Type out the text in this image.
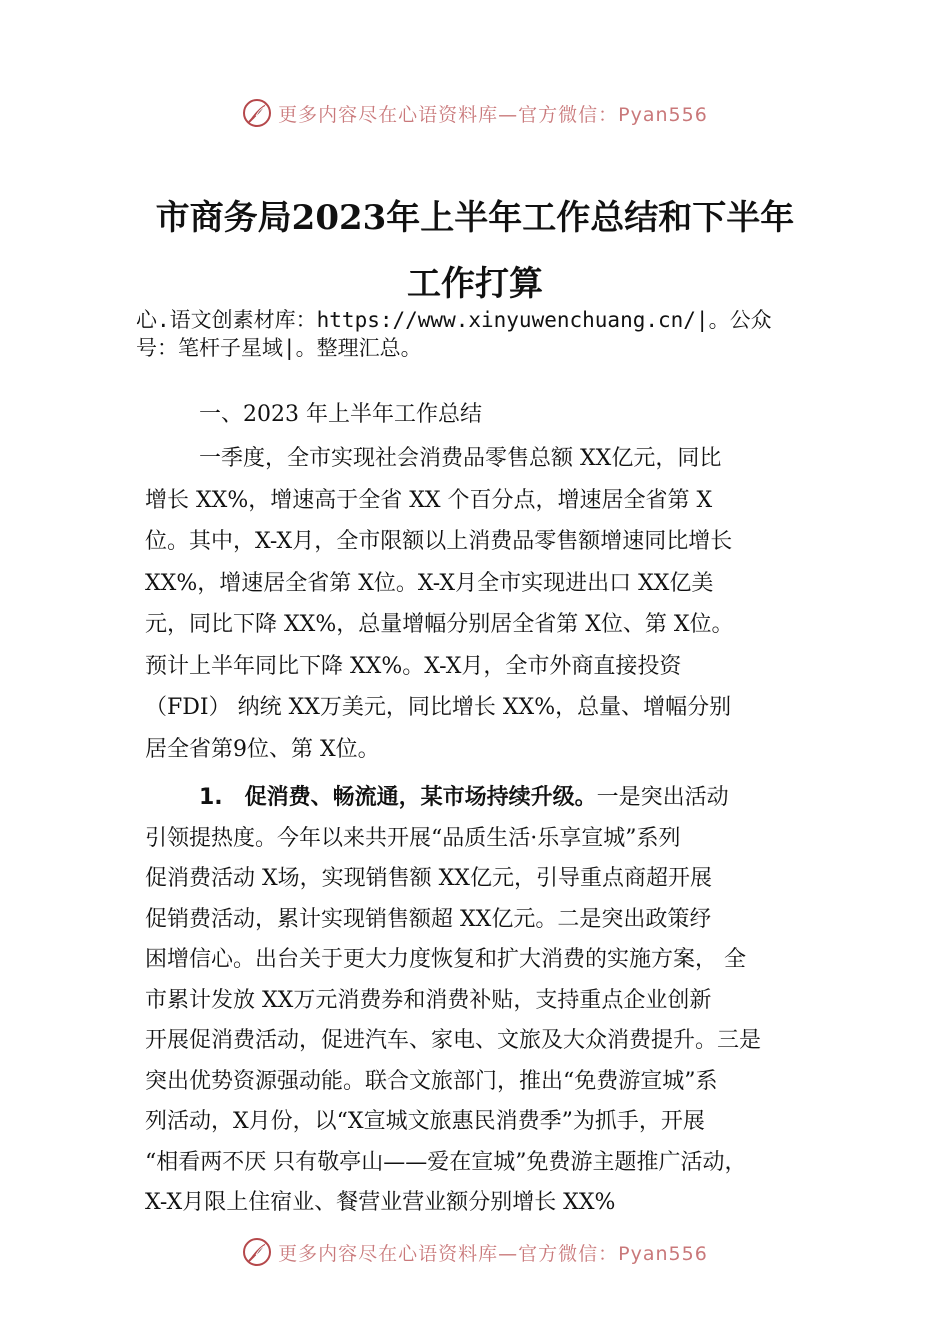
更多内容尽在心语资料库—官方微信：Pyan556
市商务局2023年上半年工作总结和下半年
工作打算
心.语文创素材库：https://www.xinyuwenchuang.cn/|。公众
号：笔杆子星域|。整理汇总。
一、2023 年上半年工作总结
一季度，全市实现社会消费品零售总额 XX亿元，同比
增长 XX%，增速高于全省 XX 个百分点，增速居全省第 X
位。其中，X-X月，全市限额以上消费品零售额增速同比增长
XX%，增速居全省第 X位。X-X月全市实现进出口 XX亿美
元，同比下降 XX%，总量增幅分别居全省第 X位、第 X位。
预计上半年同比下降 XX%。X-X月，全市外商直接投资
（FDI） 纳统 XX万美元，同比增长 XX%，总量、增幅分别
居全省第9位、第 X位。
1.　促消费、畅流通，某市场持续升级。一是突出活动
引领提热度。今年以来共开展“品质生活·乐享宣城”系列
促消费活动 X场，实现销售额 XX亿元，引导重点商超开展
促销费活动，累计实现销售额超 XX亿元。二是突出政策纾
困增信心。出台关于更大力度恢复和扩大消费的实施方案， 全
市累计发放 XX万元消费券和消费补贴，支持重点企业创新
开展促消费活动，促进汽车、家电、文旅及大众消费提升。三是
突出优势资源强动能。联合文旅部门，推出“免费游宣城”系
列活动，X月份，以“X宣城文旅惠民消费季”为抓手，开展
“相看两不厌 只有敬亭山——爱在宣城”免费游主题推广活动，
X-X月限上住宿业、餐营业营业额分别增长 XX%
更多内容尽在心语资料库—官方微信：Pyan556
